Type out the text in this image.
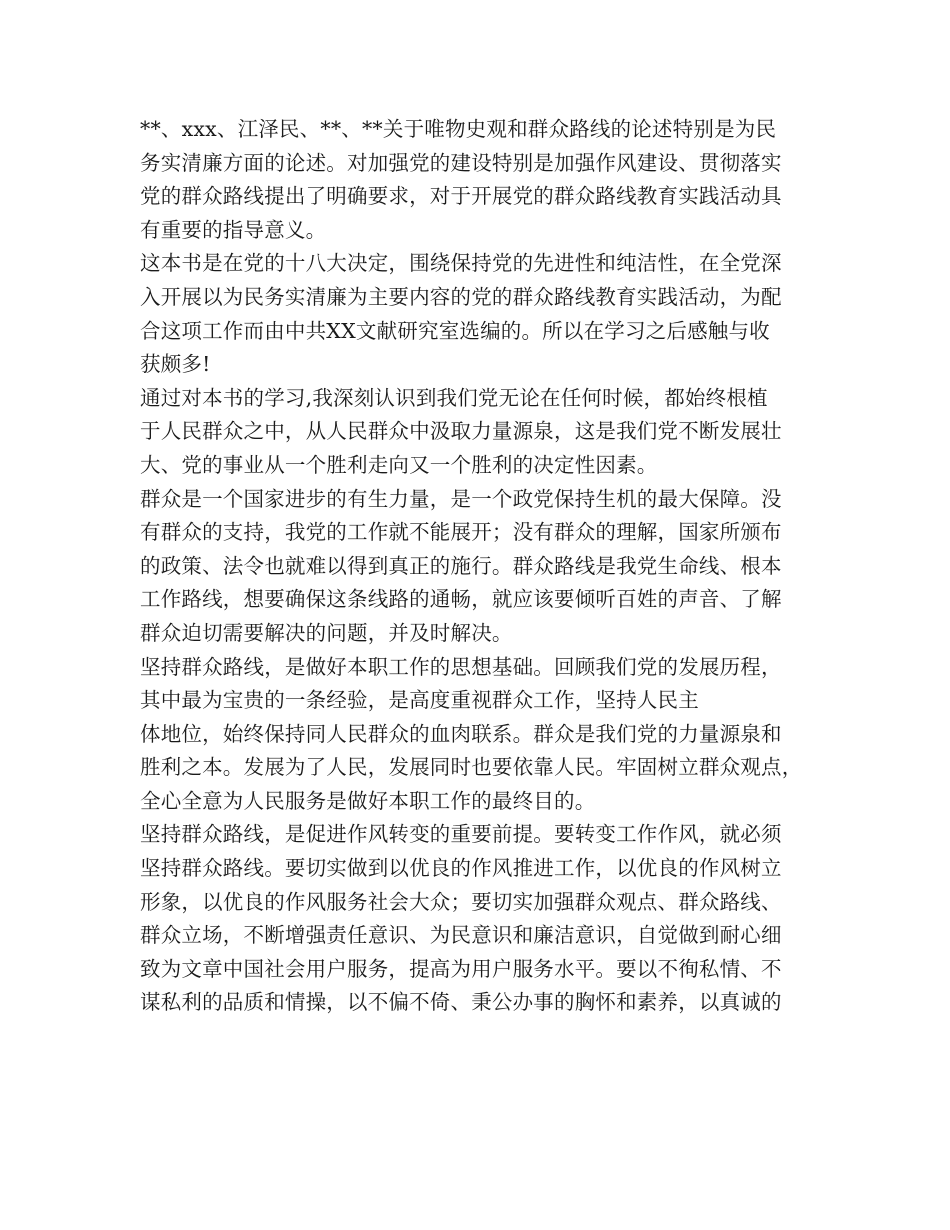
**、xxx、江泽民、**、**关于唯物史观和群众路线的论述特别是为民
务实清廉方面的论述。对加强党的建设特别是加强作风建设、贯彻落实
党的群众路线提出了明确要求，对于开展党的群众路线教育实践活动具
有重要的指导意义。
这本书是在党的十八大决定，围绕保持党的先进性和纯洁性，在全党深
入开展以为民务实清廉为主要内容的党的群众路线教育实践活动，为配
合这项工作而由中共XX文献研究室选编的。所以在学习之后感触与收
获颇多!
通过对本书的学习,我深刻认识到我们党无论在任何时候，都始终根植
于人民群众之中，从人民群众中汲取力量源泉，这是我们党不断发展壮
大、党的事业从一个胜利走向又一个胜利的决定性因素。
群众是一个国家进步的有生力量，是一个政党保持生机的最大保障。没
有群众的支持，我党的工作就不能展开；没有群众的理解，国家所颁布
的政策、法令也就难以得到真正的施行。群众路线是我党生命线、根本
工作路线，想要确保这条线路的通畅，就应该要倾听百姓的声音、了解
群众迫切需要解决的问题，并及时解决。
坚持群众路线，是做好本职工作的思想基础。回顾我们党的发展历程，
其中最为宝贵的一条经验，是高度重视群众工作，坚持人民主
体地位，始终保持同人民群众的血肉联系。群众是我们党的力量源泉和
胜利之本。发展为了人民，发展同时也要依靠人民。牢固树立群众观点，
全心全意为人民服务是做好本职工作的最终目的。
坚持群众路线，是促进作风转变的重要前提。要转变工作作风，就必须
坚持群众路线。要切实做到以优良的作风推进工作，以优良的作风树立
形象，以优良的作风服务社会大众；要切实加强群众观点、群众路线、
群众立场，不断增强责任意识、为民意识和廉洁意识，自觉做到耐心细
致为文章中国社会用户服务，提高为用户服务水平。要以不徇私情、不
谋私利的品质和情操，以不偏不倚、秉公办事的胸怀和素养，以真诚的
